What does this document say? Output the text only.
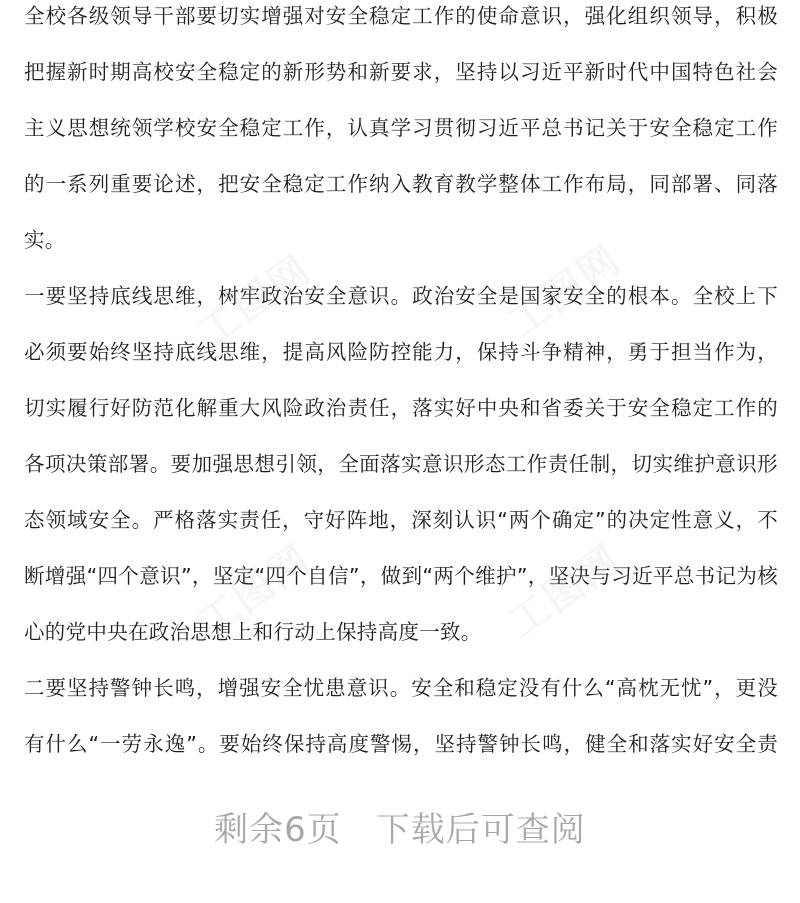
全校各级领导干部要切实增强对安全稳定工作的使命意识，强化组织领导，积极

把握新时期高校安全稳定的新形势和新要求，坚持以习近平新时代中国特色社会

主义思想统领学校安全稳定工作，认真学习贯彻习近平总书记关于安全稳定工作

的一系列重要论述，把安全稳定工作纳入教育教学整体工作布局，同部署、同落

实。

一要坚持底线思维，树牢政治安全意识。政治安全是国家安全的根本。全校上下

必须要始终坚持底线思维，提高风险防控能力，保持斗争精神，勇于担当作为，

切实履行好防范化解重大风险政治责任，落实好中央和省委关于安全稳定工作的

各项决策部署。要加强思想引领，全面落实意识形态工作责任制，切实维护意识形

态领域安全。严格落实责任，守好阵地，深刻认识“两个确定”的决定性意义，不

断增强“四个意识”，坚定“四个自信”，做到“两个维护”，坚决与习近平总书记为核

心的党中央在政治思想上和行动上保持高度一致。

二要坚持警钟长鸣，增强安全忧患意识。安全和稳定没有什么“高枕无忧”，更没

有什么“一劳永逸”。要始终保持高度警惕，坚持警钟长鸣，健全和落实好安全责

剩余6页 下载后可查阅
